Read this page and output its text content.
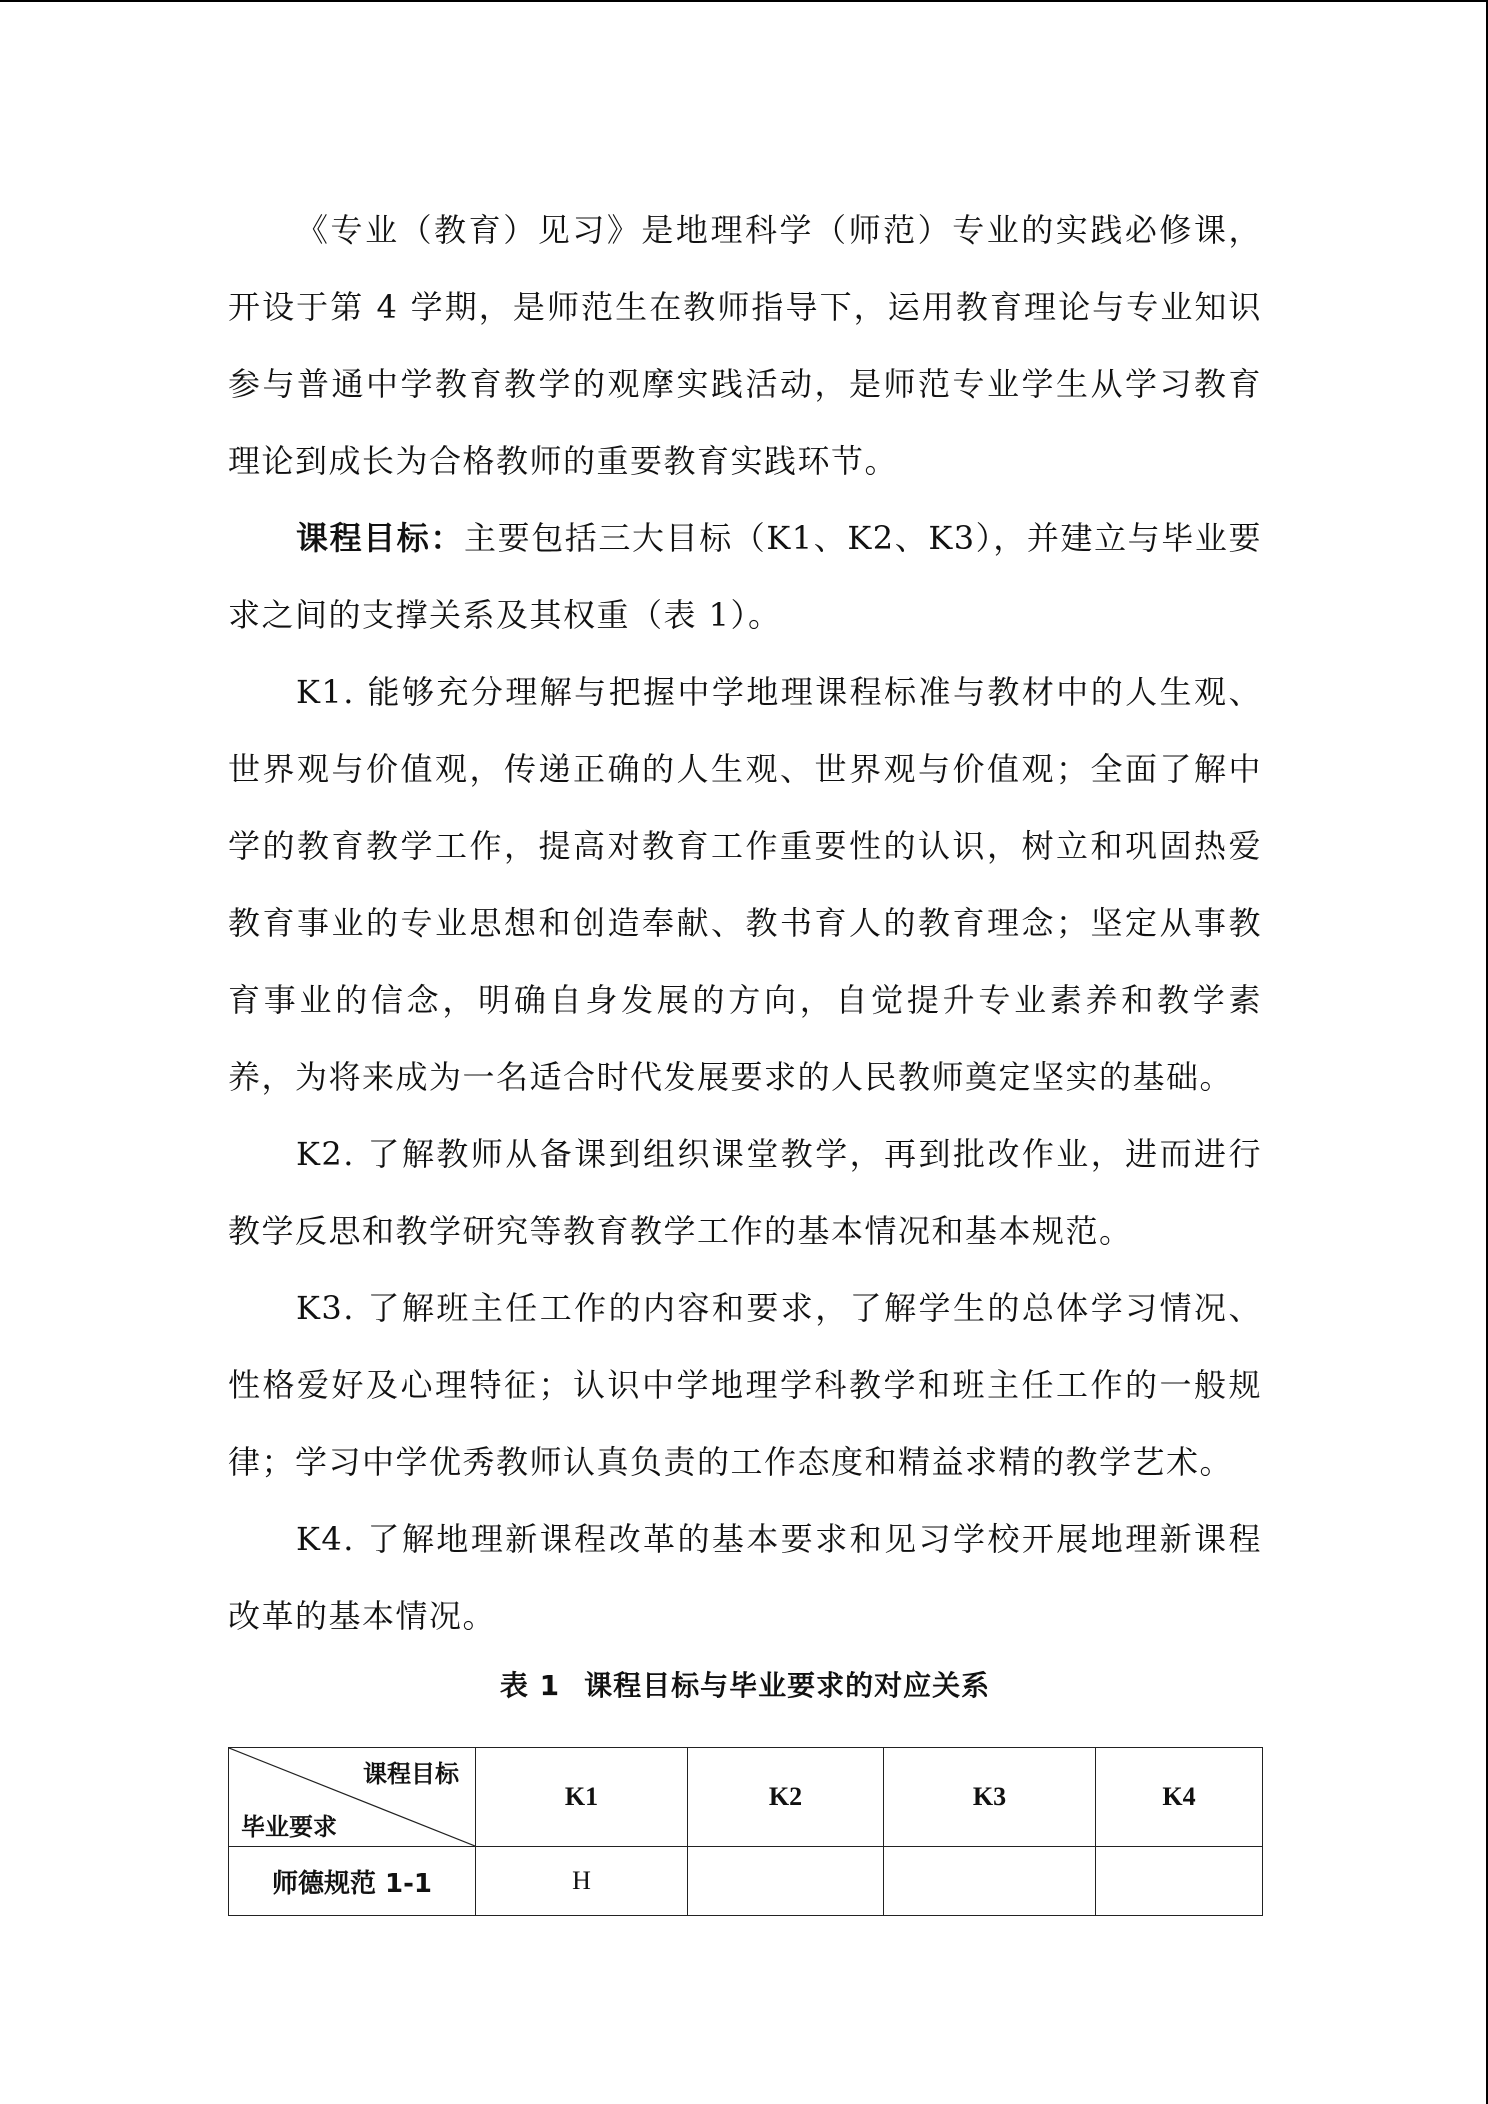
《专业（教育）见习》是地理科学（师范）专业的实践必修课，开设于第 4 学期，是师范生在教师指导下，运用教育理论与专业知识参与普通中学教育教学的观摩实践活动，是师范专业学生从学习教育理论到成长为合格教师的重要教育实践环节。

课程目标：主要包括三大目标（K1、K2、K3），并建立与毕业要求之间的支撑关系及其权重（表 1）。

K1. 能够充分理解与把握中学地理课程标准与教材中的人生观、世界观与价值观，传递正确的人生观、世界观与价值观；全面了解中学的教育教学工作，提高对教育工作重要性的认识，树立和巩固热爱教育事业的专业思想和创造奉献、教书育人的教育理念；坚定从事教育事业的信念，明确自身发展的方向，自觉提升专业素养和教学素养，为将来成为一名适合时代发展要求的人民教师奠定坚实的基础。

K2. 了解教师从备课到组织课堂教学，再到批改作业，进而进行教学反思和教学研究等教育教学工作的基本情况和基本规范。

K3. 了解班主任工作的内容和要求，了解学生的总体学习情况、性格爱好及心理特征；认识中学地理学科教学和班主任工作的一般规律；学习中学优秀教师认真负责的工作态度和精益求精的教学艺术。

K4. 了解地理新课程改革的基本要求和见习学校开展地理新课程改革的基本情况。

表 1 课程目标与毕业要求的对应关系
课程目标
毕业要求	K1	K2	K3	K4
师德规范 1-1	H			
